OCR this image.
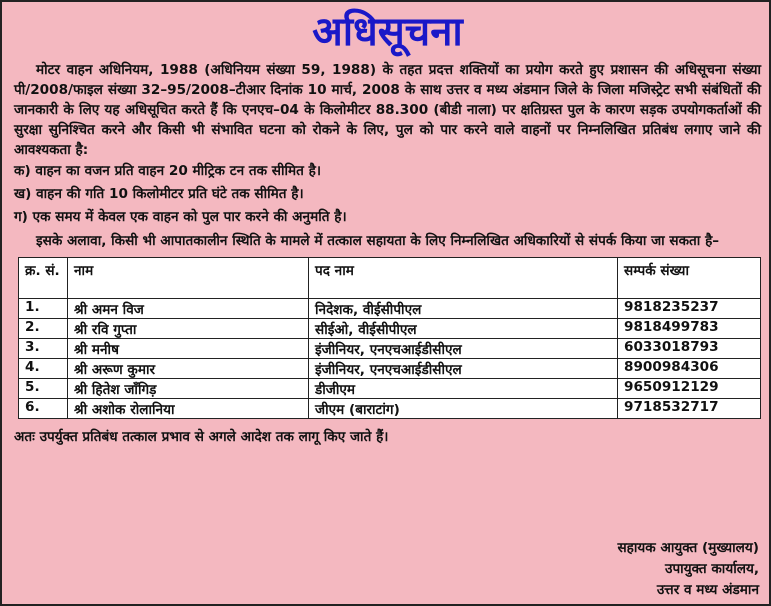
अधिसूचना

मोटर वाहन अधिनियम, 1988 (अधिनियम संख्या 59, 1988) के तहत प्रदत्त शक्तियों का प्रयोग करते हुए प्रशासन की अधिसूचना संख्या पी/2008/फाइल संख्या 32–95/2008–टीआर दिनांक 10 मार्च, 2008 के साथ उत्तर व मध्य अंडमान जिले के जिला मजिस्ट्रेट सभी संबंधितों की जानकारी के लिए यह अधिसूचित करते हैं कि एनएच–04 के किलोमीटर 88.300 (बीडी नाला) पर क्षतिग्रस्त पुल के कारण सड़क उपयोगकर्ताओं की सुरक्षा सुनिश्चित करने और किसी भी संभावित घटना को रोकने के लिए, पुल को पार करने वाले वाहनों पर निम्नलिखित प्रतिबंध लगाए जाने की आवश्यकता है:

क) वाहन का वजन प्रति वाहन 20 मीट्रिक टन तक सीमित है।

ख) वाहन की गति 10 किलोमीटर प्रति घंटे तक सीमित है।

ग) एक समय में केवल एक वाहन को पुल पार करने की अनुमति है।

इसके अलावा, किसी भी आपातकालीन स्थिति के मामले में तत्काल सहायता के लिए निम्नलिखित अधिकारियों से संपर्क किया जा सकता है–

क्र. सं.	नाम	पद नाम	सम्पर्क संख्या
1.	श्री अमन विज	निदेशक, वीईसीपीएल	9818235237
2.	श्री रवि गुप्ता	सीईओ, वीईसीपीएल	9818499783
3.	श्री मनीष	इंजीनियर, एनएचआईडीसीएल	6033018793
4.	श्री अरूण कुमार	इंजीनियर, एनएचआईडीसीएल	8900984306
5.	श्री हितेश जाँगिड़	डीजीएम	9650912129
6.	श्री अशोक रोलानिया	जीएम (बाराटांग)	9718532717

अतः उपर्युक्त प्रतिबंध तत्काल प्रभाव से अगले आदेश तक लागू किए जाते हैं।

सहायक आयुक्त (मुख्यालय)
उपायुक्त कार्यालय,
उत्तर व मध्य अंडमान
